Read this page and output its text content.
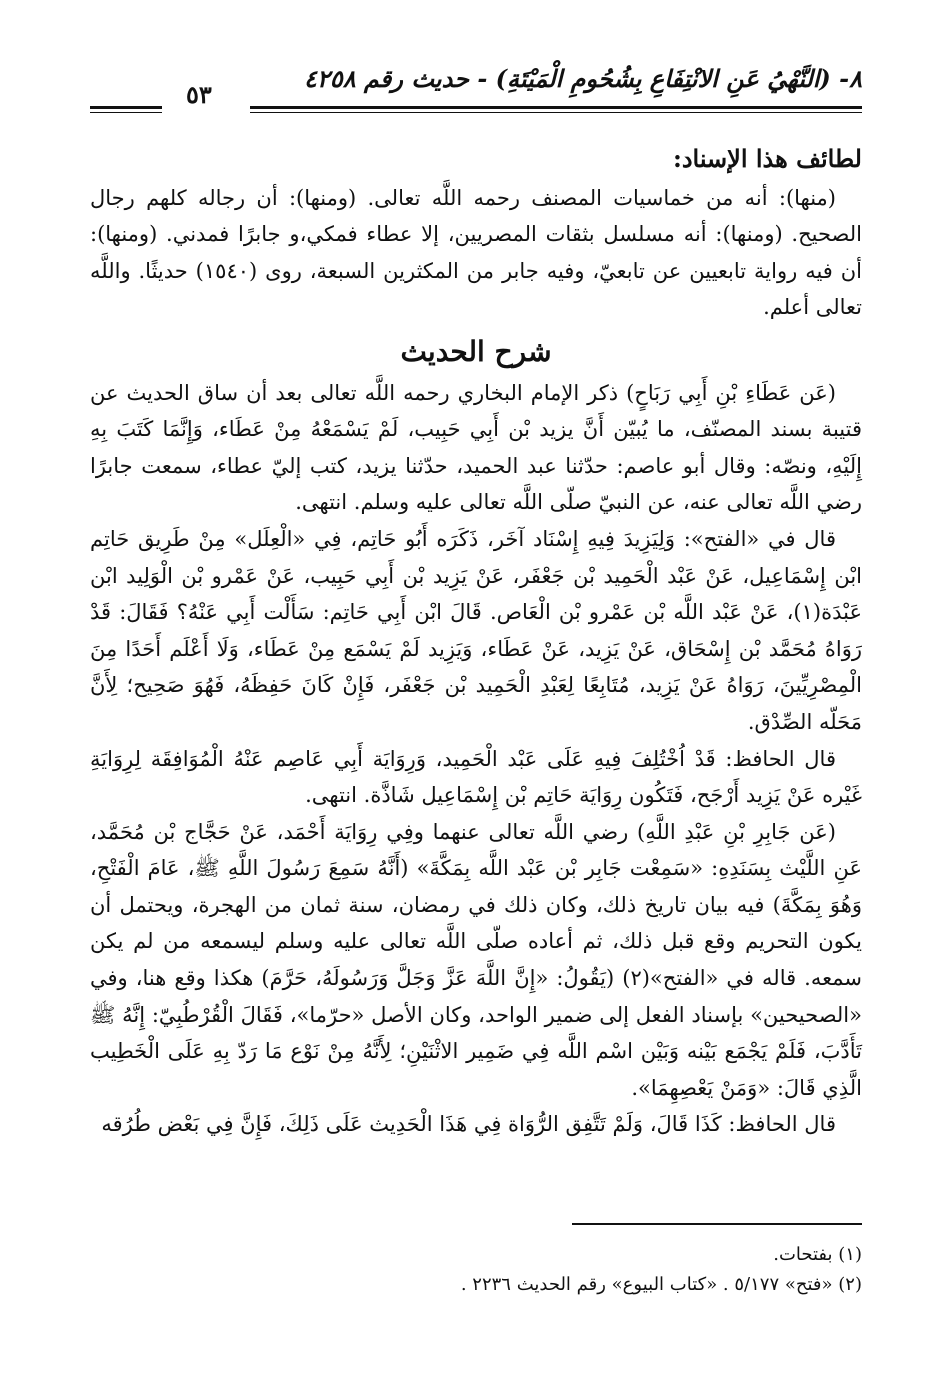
٨- (النَّهْيُ عَنِ الانْتِفَاعِ بِشُحُومِ الْمَيْتَةِ) - حديث رقم ٤٢٥٨
٥٣
لطائف هذا الإسناد:

(منها): أنه من خماسيات المصنف رحمه اللَّه تعالى. (ومنها): أن رجاله كلهم رجال الصحيح. (ومنها): أنه مسلسل بثقات المصريين، إلا عطاء فمكي،و جابرًا فمدني. (ومنها): أن فيه رواية تابعيين عن تابعيّ، وفيه جابر من المكثرين السبعة، روى (١٥٤٠) حديثًا. واللَّه تعالى أعلم.

شرح الحديث

(عَن عَطَاءِ بْنِ أَبِي رَبَاحٍ) ذكر الإمام البخاري رحمه اللَّه تعالى بعد أن ساق الحديث عن قتيبة بسند المصنّف، ما يُبيّن أَنَّ يزيد بْن أَبِي حَبِيب، لَمْ يَسْمَعْهُ مِنْ عَطَاء، وَإِنَّمَا كَتَبَ بِهِ إِلَيْهِ، ونصّه: وقال أبو عاصم: حدّثنا عبد الحميد، حدّثنا يزيد، كتب إليّ عطاء، سمعت جابرًا رضي اللَّه تعالى عنه، عن النبيّ صلّى اللَّه تعالى عليه وسلم. انتهى.

قال في «الفتح»: وَلِيَزِيدَ فِيهِ إِسْنَاد آخَر، ذَكَرَه أَبُو حَاتِم، فِي «الْعِلَل» مِنْ طَرِيق حَاتِم ابْن إِسْمَاعِيل، عَنْ عَبْد الْحَمِيد بْن جَعْفَر، عَنْ يَزِيد بْن أَبِي حَبِيب، عَنْ عَمْرو بْن الْوَلِيد ابْن عَبْدَة(١)، عَنْ عَبْد اللَّه بْن عَمْرو بْن الْعَاص. قَالَ ابْن أَبِي حَاتِم: سَأَلْت أَبِي عَنْهُ؟ فَقَالَ: قَدْ رَوَاهُ مُحَمَّد بْن إِسْحَاق، عَنْ يَزِيد، عَنْ عَطَاء، وَيَزِيد لَمْ يَسْمَع مِنْ عَطَاء، وَلَا أَعْلَم أَحَدًا مِنَ الْمِصْرِيِّينَ، رَوَاهُ عَنْ يَزِيد، مُتَابِعًا لِعَبْدِ الْحَمِيد بْن جَعْفَر، فَإِنْ كَانَ حَفِظَهُ، فَهُوَ صَحِيح؛ لِأَنَّ مَحَلّه الصِّدْق.

قال الحافظ: قَدْ اُخْتُلِفَ فِيهِ عَلَى عَبْد الْحَمِيد، وَرِوَايَة أَبِي عَاصِم عَنْهُ الْمُوَافِقَة لِرِوَايَةِ غَيْره عَنْ يَزِيد أَرْجَح، فَتَكُون رِوَايَة حَاتِم بْن إِسْمَاعِيل شَاذَّة. انتهى.

(عَن جَابِرِ بْنِ عَبْدِ اللَّهِ) رضي اللَّه تعالى عنهما وفِي رِوَايَة أَحْمَد، عَنْ حَجَّاج بْن مُحَمَّد، عَنِ اللَّيْث بِسَنَدِهِ: «سَمِعْت جَابِر بْن عَبْد اللَّه بِمَكَّةَ» (أَنَّهُ سَمِعَ رَسُولَ اللَّهِ ﷺ، عَامَ الْفَتْحِ، وَهُوَ بِمَكَّةَ) فيه بيان تاريخ ذلك، وكان ذلك في رمضان، سنة ثمان من الهجرة، ويحتمل أن يكون التحريم وقع قبل ذلك، ثم أعاده صلّى اللَّه تعالى عليه وسلم ليسمعه من لم يكن سمعه. قاله في «الفتح»(٢) (يَقُولُ: «إِنَّ اللَّهَ عَزَّ وَجَلَّ وَرَسُولَهُ، حَرَّمَ) هكذا وقع هنا، وفي «الصحيحين» بإسناد الفعل إلى ضمير الواحد، وكان الأصل «حرّما»، فَقَالَ الْقُرْطُبِيّ: إِنَّهُ ﷺ تَأَدَّبَ، فَلَمْ يَجْمَع بَيْنه وَبَيْن اسْم اللَّه فِي ضَمِير الاثْنَيْنِ؛ لِأَنَّهُ مِنْ نَوْع مَا رَدّ بِهِ عَلَى الْخَطِيب الَّذِي قَالَ: «وَمَنْ يَعْصِهِمَا».

قال الحافظ: كَذَا قَالَ، وَلَمْ تَتَّفِق الرُّوَاة فِي هَذَا الْحَدِيث عَلَى ذَلِكَ، فَإِنَّ فِي بَعْض طُرُقه

(١) بفتحات.

(٢) «فتح» ٥/١٧٧ . «كتاب البيوع» رقم الحديث ٢٢٣٦ .
